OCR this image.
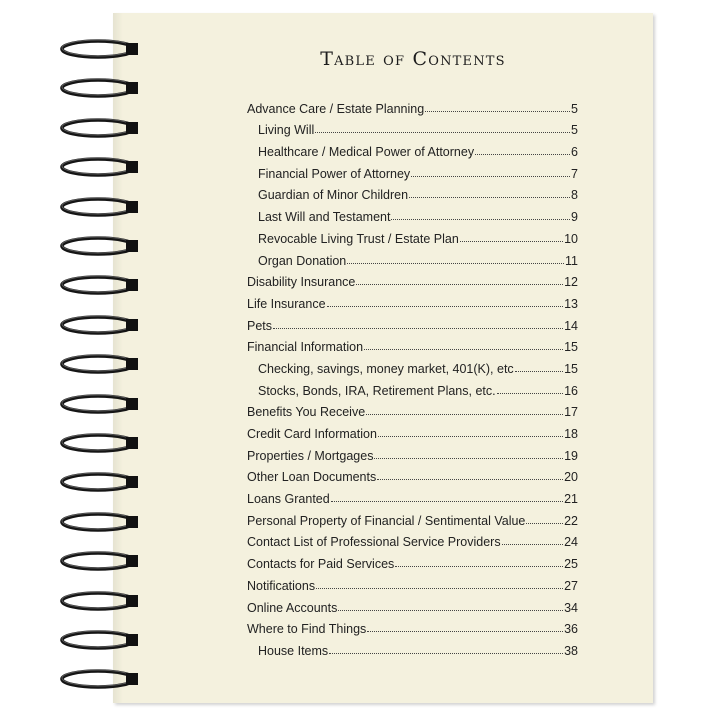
Table of Contents
Advance Care / Estate Planning	5
Living Will	5
Healthcare / Medical Power of Attorney	6
Financial Power of Attorney	7
Guardian of Minor Children	8
Last Will and Testament	9
Revocable Living Trust / Estate Plan	10
Organ Donation	11
Disability Insurance	12
Life Insurance	13
Pets	14
Financial Information	15
Checking, savings, money market, 401(K), etc	15
Stocks, Bonds, IRA, Retirement Plans, etc.	16
Benefits You Receive	17
Credit Card Information	18
Properties / Mortgages	19
Other Loan Documents	20
Loans Granted	21
Personal Property of Financial / Sentimental Value	22
Contact List of Professional Service Providers	24
Contacts for Paid Services	25
Notifications	27
Online Accounts	34
Where to Find Things	36
House Items	38
